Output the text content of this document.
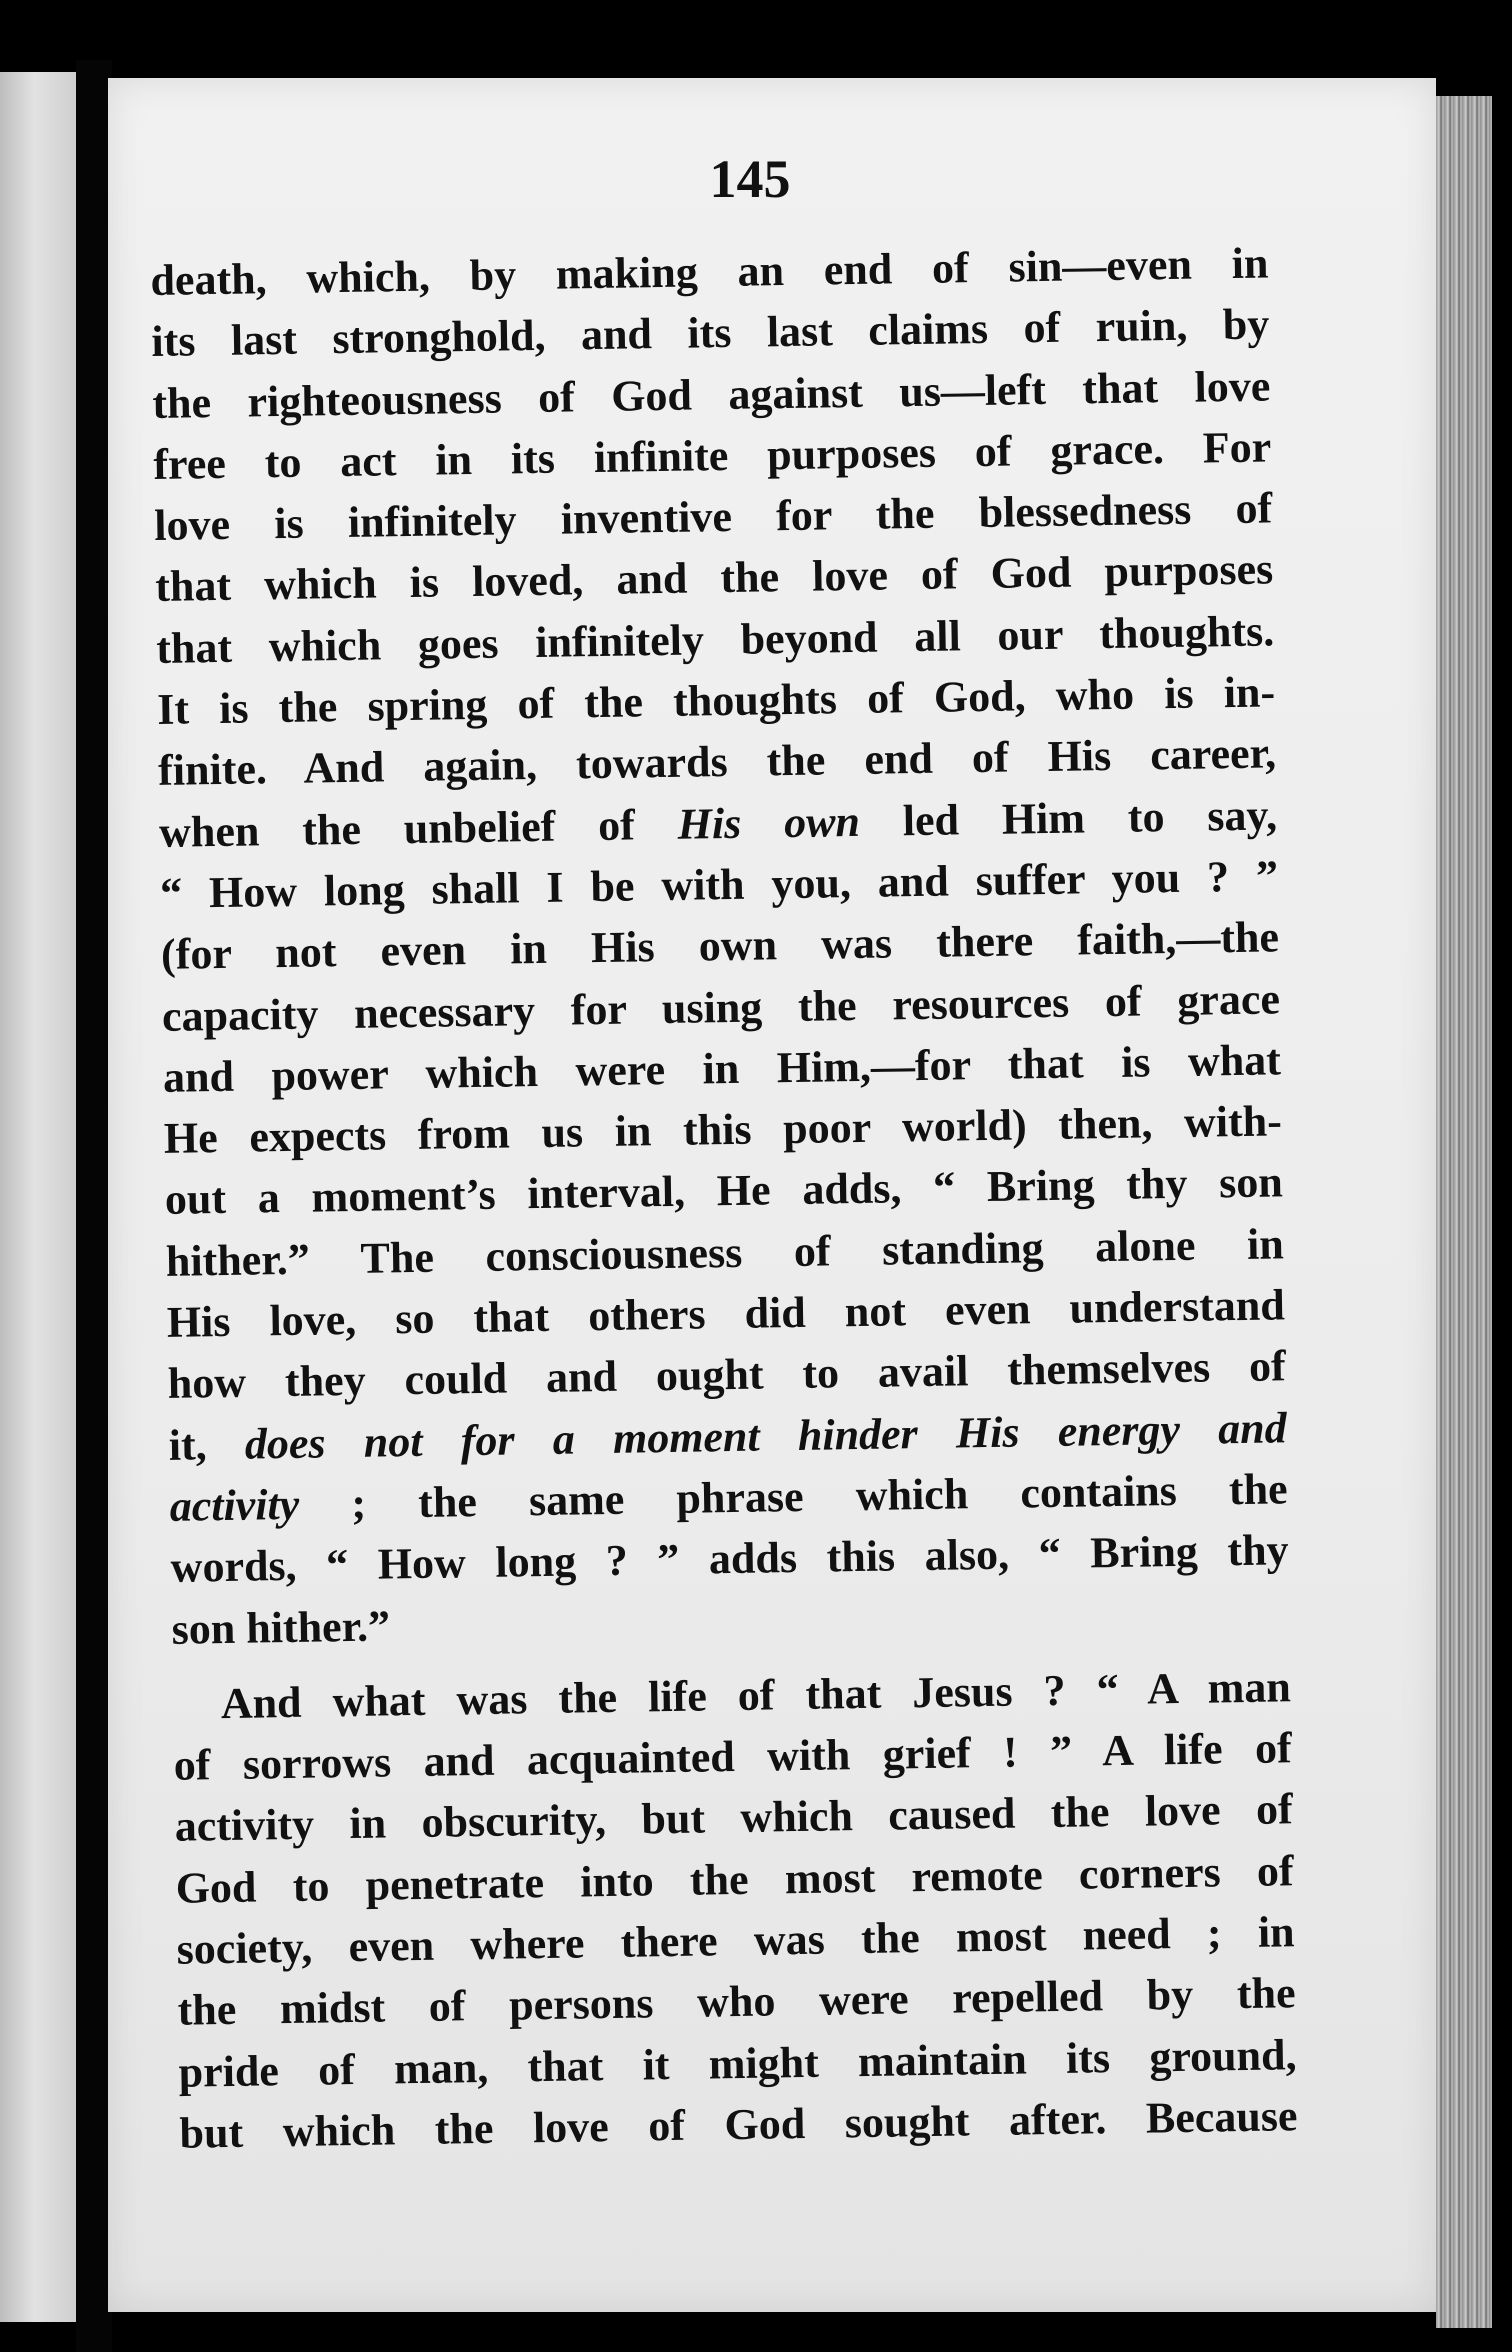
145
death, which, by making an end of sin—even in
its last stronghold, and its last claims of ruin, by
the righteousness of God against us—left that love
free to act in its infinite purposes of grace. For
love is infinitely inventive for the blessedness of
that which is loved, and the love of God purposes
that which goes infinitely beyond all our thoughts.
It is the spring of the thoughts of God, who is in-
finite. And again, towards the end of His career,
when the unbelief of His own led Him to say,
“ How long shall I be with you, and suffer you ? ”
(for not even in His own was there faith,—the
capacity necessary for using the resources of grace
and power which were in Him,—for that is what
He expects from us in this poor world) then, with-
out a moment’s interval, He adds, “ Bring thy son
hither.” The consciousness of standing alone in
His love, so that others did not even understand
how they could and ought to avail themselves of
it, does not for a moment hinder His energy and
activity ; the same phrase which contains the
words, “ How long ? ” adds this also, “ Bring thy
son hither.”
And what was the life of that Jesus ? “ A man
of sorrows and acquainted with grief ! ” A life of
activity in obscurity, but which caused the love of
God to penetrate into the most remote corners of
society, even where there was the most need ; in
the midst of persons who were repelled by the
pride of man, that it might maintain its ground,
but which the love of God sought after. Because
